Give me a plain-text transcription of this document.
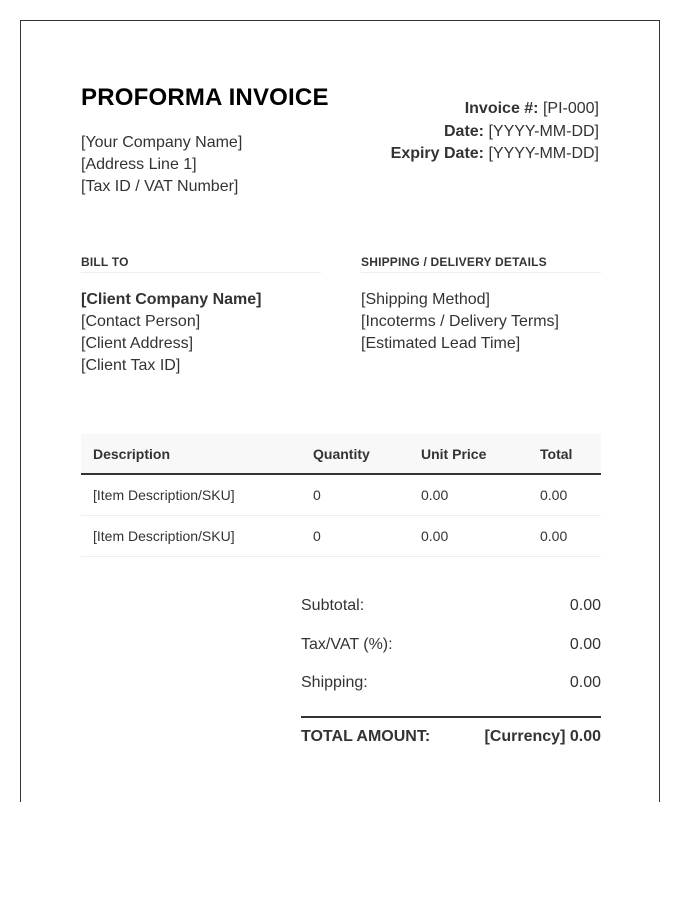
PROFORMA INVOICE
[Your Company Name]
[Address Line 1]
[Tax ID / VAT Number]
Invoice #: [PI-000]
Date: [YYYY-MM-DD]
Expiry Date: [YYYY-MM-DD]
BILL TO	SHIPPING / DELIVERY DETAILS
[Client Company Name]
[Contact Person]
[Client Address]
[Client Tax ID]
[Shipping Method]
[Incoterms / Delivery Terms]
[Estimated Lead Time]
Description	Quantity	Unit Price	Total
[Item Description/SKU]	0	0.00	0.00
[Item Description/SKU]	0	0.00	0.00
Subtotal:	0.00
Tax/VAT (%):	0.00
Shipping:	0.00
TOTAL AMOUNT:	[Currency] 0.00
